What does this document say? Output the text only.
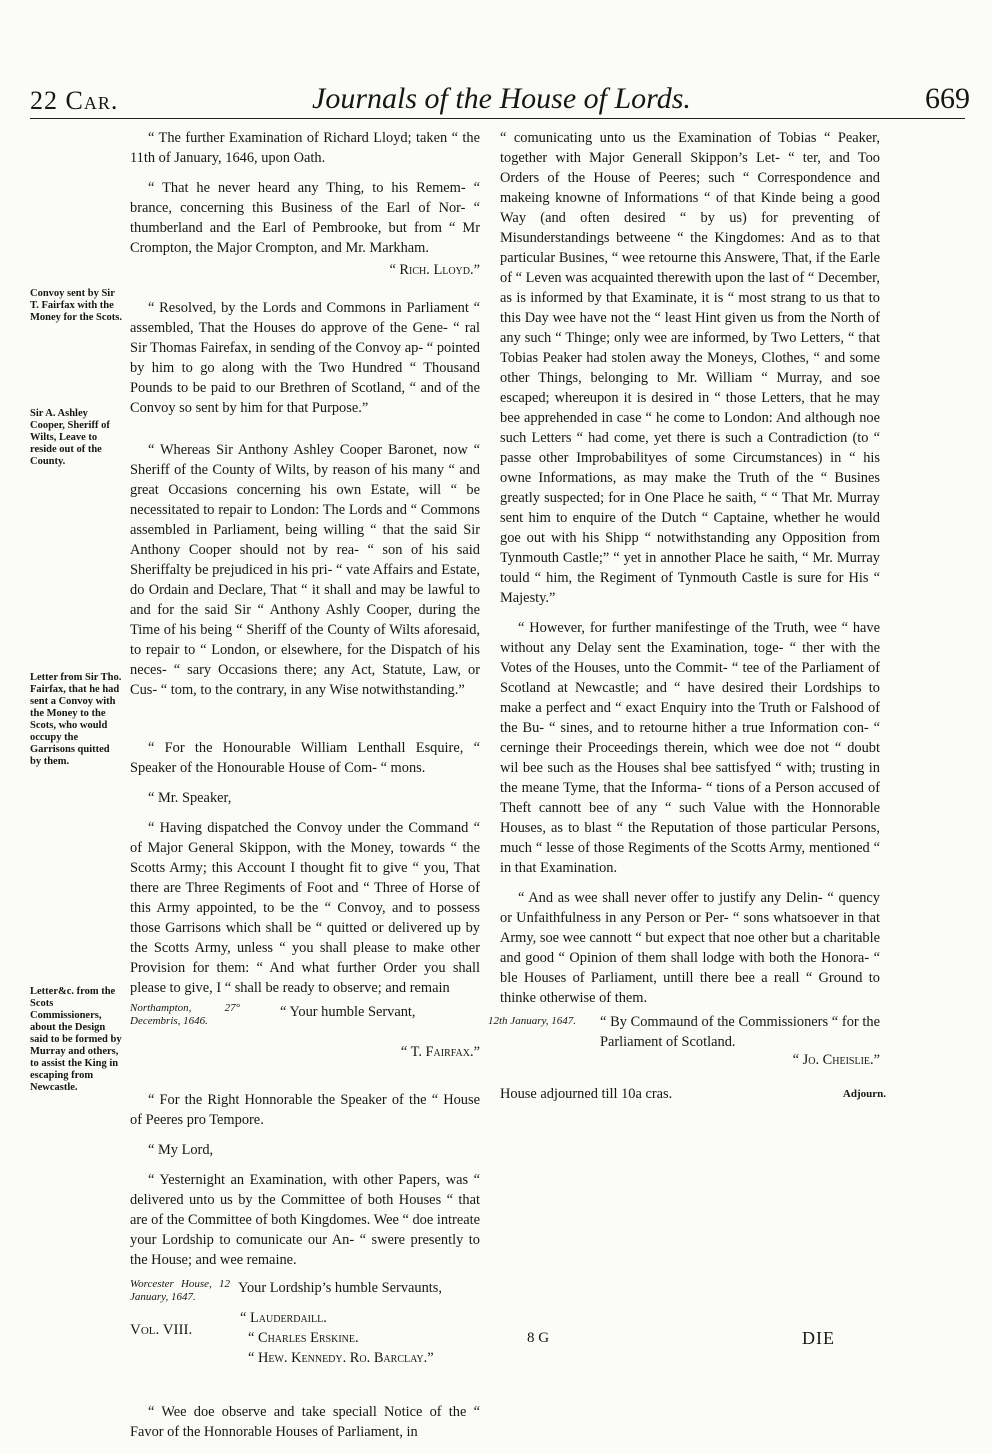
22 Car.	Journals of the House of Lords.	669
Convoy sent by Sir T. Fairfax with the Money for the Scots.
Sir A. Ashley Cooper, Sheriff of Wilts, Leave to reside out of the County.
Letter from Sir Tho. Fairfax, that he had sent a Convoy with the Money to the Scots, who would occupy the Garrisons quitted by them.
Letter&c. from the Scots Commissioners, about the Design said to be formed by Murray and others, to assist the King in escaping from Newcastle.

“ The further Examination of Richard Lloyd; taken “ the 11th of January, 1646, upon Oath.

“ That he never heard any Thing, to his Remem- “ brance, concerning this Business of the Earl of Nor- “ thumberland and the Earl of Pembrooke, but from “ Mr Crompton, the Major Crompton, and Mr. Markham.

“ Rich. Lloyd.”

“ Resolved, by the Lords and Commons in Parliament “ assembled, That the Houses do approve of the Gene- “ ral Sir Thomas Fairefax, in sending of the Convoy ap- “ pointed by him to go along with the Two Hundred “ Thousand Pounds to be paid to our Brethren of Scotland, “ and of the Convoy so sent by him for that Purpose.”

“ Whereas Sir Anthony Ashley Cooper Baronet, now “ Sheriff of the County of Wilts, by reason of his many “ and great Occasions concerning his own Estate, will “ be necessitated to repair to London: The Lords and “ Commons assembled in Parliament, being willing “ that the said Sir Anthony Cooper should not by rea- “ son of his said Sheriffalty be prejudiced in his pri- “ vate Affairs and Estate, do Ordain and Declare, That “ it shall and may be lawful to and for the said Sir “ Anthony Ashly Cooper, during the Time of his being “ Sheriff of the County of Wilts aforesaid, to repair to “ London, or elsewhere, for the Dispatch of his neces- “ sary Occasions there; any Act, Statute, Law, or Cus- “ tom, to the contrary, in any Wise notwithstanding.”

“ For the Honourable William Lenthall Esquire, “ Speaker of the Honourable House of Com- “ mons.

“ Mr. Speaker,

“ Having dispatched the Convoy under the Command “ of Major General Skippon, with the Money, towards “ the Scotts Army; this Account I thought fit to give “ you, That there are Three Regiments of Foot and “ Three of Horse of this Army appointed, to be the “ Convoy, and to possess those Garrisons which shall be “ quitted or delivered up by the Scotts Army, unless “ you shall please to make other Provision for them: “ And what further Order you shall please to give, I “ shall be ready to observe; and remain

Northampton, 27° Decembris, 1646.
“ Your humble Servant,

“ T. Fairfax.”

“ For the Right Honnorable the Speaker of the “ House of Peeres pro Tempore.

“ My Lord,

“ Yesternight an Examination, with other Papers, was “ delivered unto us by the Committee of both Houses “ that are of the Committee of both Kingdomes. Wee “ doe intreate your Lordship to comunicate our An- “ swere presently to the House; and wee remaine.

Worcester House, 12 January, 1647.
Your Lordship’s humble Servaunts,
“ Lauderdaill.
“ Charles Erskine.
“ Hew. Kennedy. Ro. Barclay.”

“ Wee doe observe and take speciall Notice of the “ Favor of the Honnorable Houses of Parliament, in

“ comunicating unto us the Examination of Tobias “ Peaker, together with Major Generall Skippon’s Let- “ ter, and Too Orders of the House of Peeres; such “ Correspondence and makeing knowne of Informations “ of that Kinde being a good Way (and often desired “ by us) for preventing of Misunderstandings betweene “ the Kingdomes: And as to that particular Busines, “ wee retourne this Answere, That, if the Earle of “ Leven was acquainted therewith upon the last of “ December, as is informed by that Examinate, it is “ most strang to us that to this Day wee have not the “ least Hint given us from the North of any such “ Thinge; only wee are informed, by Two Letters, “ that Tobias Peaker had stolen away the Moneys, Clothes, “ and some other Things, belonging to Mr. William “ Murray, and soe escaped; whereupon it is desired in “ those Letters, that he may bee apprehended in case “ he come to London: And although noe such Letters “ had come, yet there is such a Contradiction (to “ passe other Improbabilityes of some Circumstances) in “ his owne Informations, as may make the Truth of the “ Busines greatly suspected; for in One Place he saith, “ “ That Mr. Murray sent him to enquire of the Dutch “ Captaine, whether he would goe out with his Shipp “ notwithstanding any Opposition from Tynmouth Castle;” “ yet in annother Place he saith, “ Mr. Murray tould “ him, the Regiment of Tynmouth Castle is sure for His “ Majesty.”

“ However, for further manifestinge of the Truth, wee “ have without any Delay sent the Examination, toge- “ ther with the Votes of the Houses, unto the Commit- “ tee of the Parliament of Scotland at Newcastle; and “ have desired their Lordships to make a perfect and “ exact Enquiry into the Truth or Falshood of the Bu- “ sines, and to retourne hither a true Information con- “ cerninge their Proceedings therein, which wee doe not “ doubt wil bee such as the Houses shal bee sattisfyed “ with; trusting in the meane Tyme, that the Informa- “ tions of a Person accused of Theft cannott bee of any “ such Value with the Honnorable Houses, as to blast “ the Reputation of those particular Persons, much “ lesse of those Regiments of the Scotts Army, mentioned “ in that Examination.

“ And as wee shall never offer to justify any Delin- “ quency or Unfaithfulness in any Person or Per- “ sons whatsoever in that Army, soe wee cannott “ but expect that noe other but a charitable and good “ Opinion of them shall lodge with both the Honora- “ ble Houses of Parliament, untill there bee a reall “ Ground to thinke otherwise of them.

12th January, 1647. “ By Commaund of the Commissioners “ for the Parliament of Scotland.

“ Jo. Cheislie.”

House adjourned till 10a cras.	Adjourn.
Vol. VIII.	8 G	DIE
